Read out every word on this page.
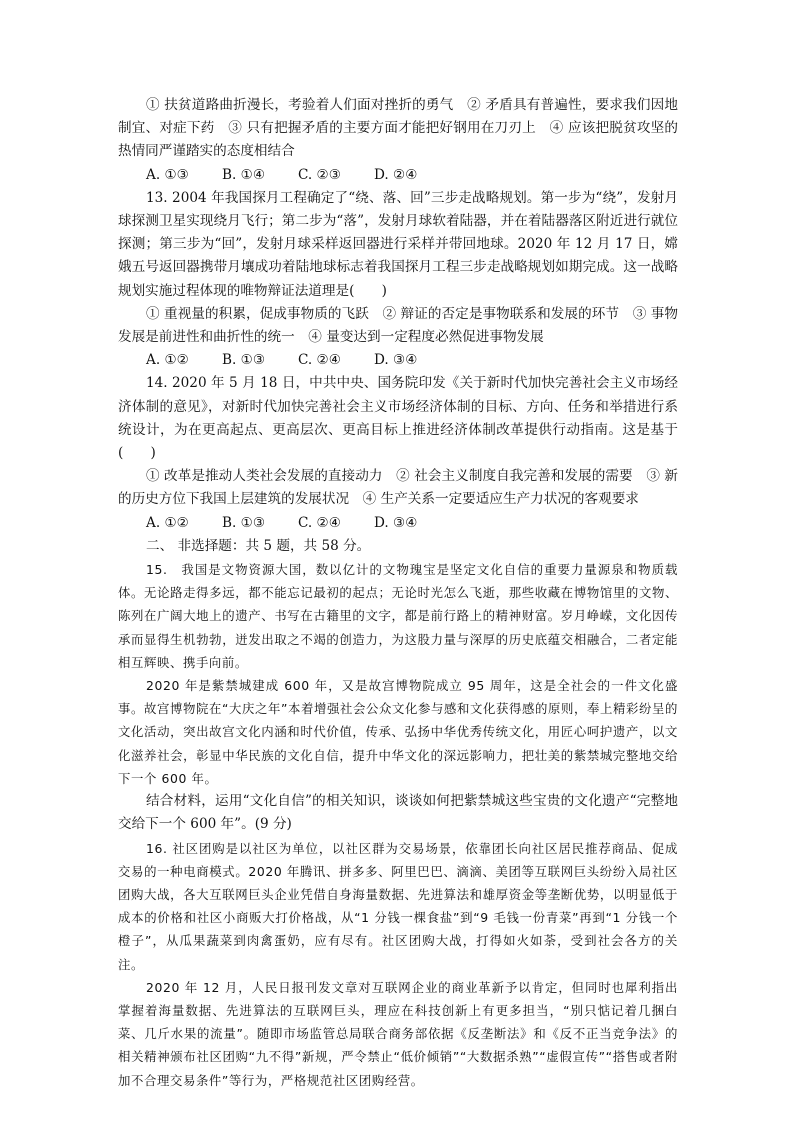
① 扶贫道路曲折漫长，考验着人们面对挫折的勇气　② 矛盾具有普遍性，要求我们因地制宜、对症下药　③ 只有把握矛盾的主要方面才能把好钢用在刀刃上　④ 应该把脱贫攻坚的热情同严谨踏实的态度相结合

A. ①③	B. ①④	C. ②③	D. ②④

13. 2004 年我国探月工程确定了“绕、落、回”三步走战略规划。第一步为“绕”，发射月球探测卫星实现绕月飞行；第二步为“落”，发射月球软着陆器，并在着陆器落区附近进行就位探测；第三步为“回”，发射月球采样返回器进行采样并带回地球。2020 年 12 月 17 日，嫦娥五号返回器携带月壤成功着陆地球标志着我国探月工程三步走战略规划如期完成。这一战略规划实施过程体现的唯物辩证法道理是(　　)

① 重视量的积累，促成事物质的飞跃　② 辩证的否定是事物联系和发展的环节　③ 事物发展是前进性和曲折性的统一　④ 量变达到一定程度必然促进事物发展

A. ①②	B. ①③	C. ②④	D. ③④

14. 2020 年 5 月 18 日，中共中央、国务院印发《关于新时代加快完善社会主义市场经济体制的意见》，对新时代加快完善社会主义市场经济体制的目标、方向、任务和举措进行系统设计，为在更高起点、更高层次、更高目标上推进经济体制改革提供行动指南。这是基于(　　)

① 改革是推动人类社会发展的直接动力　② 社会主义制度自我完善和发展的需要　③ 新的历史方位下我国上层建筑的发展状况　④ 生产关系一定要适应生产力状况的客观要求

A. ①②	B. ①③	C. ②④	D. ③④

二、 非选择题：共 5 题，共 58 分。

15.　我国是文物资源大国，数以亿计的文物瑰宝是坚定文化自信的重要力量源泉和物质载体。无论路走得多远，都不能忘记最初的起点；无论时光怎么飞逝，那些收藏在博物馆里的文物、陈列在广阔大地上的遗产、书写在古籍里的文字，都是前行路上的精神财富。岁月峥嵘，文化因传承而显得生机勃勃，迸发出取之不竭的创造力，为这股力量与深厚的历史底蕴交相融合，二者定能相互辉映、携手向前。

2020 年是紫禁城建成 600 年，又是故宫博物院成立 95 周年，这是全社会的一件文化盛事。故宫博物院在“大庆之年”本着增强社会公众文化参与感和文化获得感的原则，奉上精彩纷呈的文化活动，突出故宫文化内涵和时代价值，传承、弘扬中华优秀传统文化，用匠心呵护遗产，以文化滋养社会，彰显中华民族的文化自信，提升中华文化的深远影响力，把壮美的紫禁城完整地交给下一个 600 年。

结合材料，运用“文化自信”的相关知识，谈谈如何把紫禁城这些宝贵的文化遗产“完整地交给下一个 600 年”。(9 分)

16. 社区团购是以社区为单位，以社区群为交易场景，依靠团长向社区居民推荐商品、促成交易的一种电商模式。2020 年腾讯、拼多多、阿里巴巴、滴滴、美团等互联网巨头纷纷入局社区团购大战，各大互联网巨头企业凭借自身海量数据、先进算法和雄厚资金等垄断优势，以明显低于成本的价格和社区小商贩大打价格战，从“1 分钱一棵食盐”到“9 毛钱一份青菜”再到“1 分钱一个橙子”，从瓜果蔬菜到肉禽蛋奶，应有尽有。社区团购大战，打得如火如荼，受到社会各方的关注。

2020 年 12 月，人民日报刊发文章对互联网企业的商业革新予以肯定，但同时也犀利指出掌握着海量数据、先进算法的互联网巨头，理应在科技创新上有更多担当，“别只惦记着几捆白菜、几斤水果的流量”。随即市场监管总局联合商务部依据《反垄断法》和《反不正当竞争法》的相关精神颁布社区团购“九不得”新规，严令禁止“低价倾销”“大数据杀熟”“虚假宣传”“搭售或者附加不合理交易条件”等行为，严格规范社区团购经营。
